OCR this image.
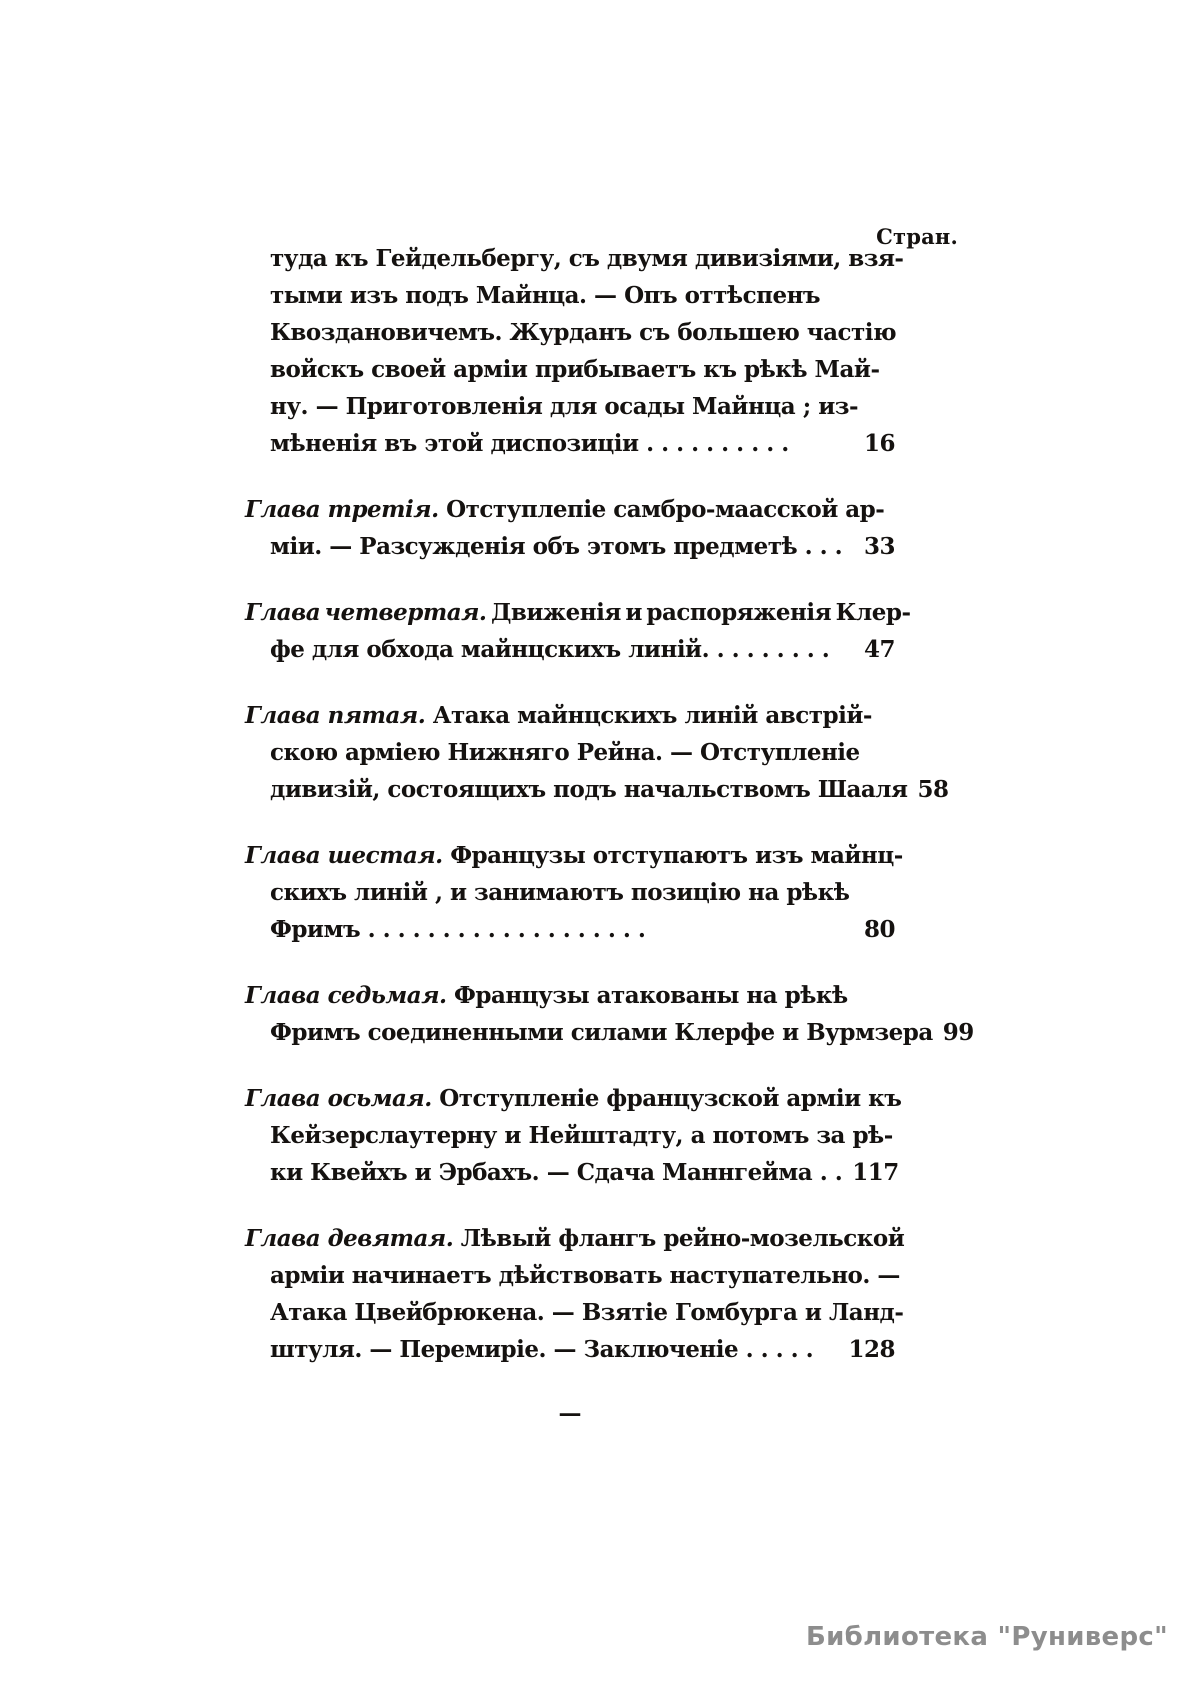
Стран.
туда къ Гейдельбергу, съ двумя дивизіями, взя-
тыми изъ подъ Майнца. — Опъ оттѣспенъ
Квоздановичемъ. Журданъ съ большею частію
войскъ своей арміи прибываетъ къ рѣкѣ Май-
ну. — Приготовленія для осады Майнца ; из-
мѣненія въ этой диспозиціи . . . . . . . . . .	16
Глава третія. Отступлепіе самбро-маасской ар-
міи. — Разсужденія объ этомъ предметѣ . . . 33
Глава четвертая. Движенія и распоряженія Клер-
фе для обхода майнцскихъ линій. . . . . . . . .	47
Глава пятая. Атака майнцскихъ линій австрій-
скою арміею Нижняго Рейна. — Отступленіе
дивизій, состоящихъ подъ начальствомъ Шааля 58
Глава шестая. Французы отступаютъ изъ майнц-
скихъ линій , и занимаютъ позицію на рѣкѣ
Фримъ . . . . . . . . . . . . . . . . . . .	80
Глава седьмая. Французы атакованы на рѣкѣ
Фримъ соединенными силами Клерфе и Вурмзера 99
Глава осьмая. Отступленіе французской арміи къ
Кейзерслаутерну и Нейштадту, а потомъ за рѣ-
ки Квейхъ и Эрбахъ. — Сдача Маннгейма . . 117
Глава девятая. Лѣвый флангъ рейно-мозельской
арміи начинаетъ дѣйствовать наступательно. —
Атака Цвейбрюкена. — Взятіе Гомбурга и Ланд-
штуля. — Перемиріе. — Заключеніе . . . . .	128
—
Библиотека "Руниверс"
